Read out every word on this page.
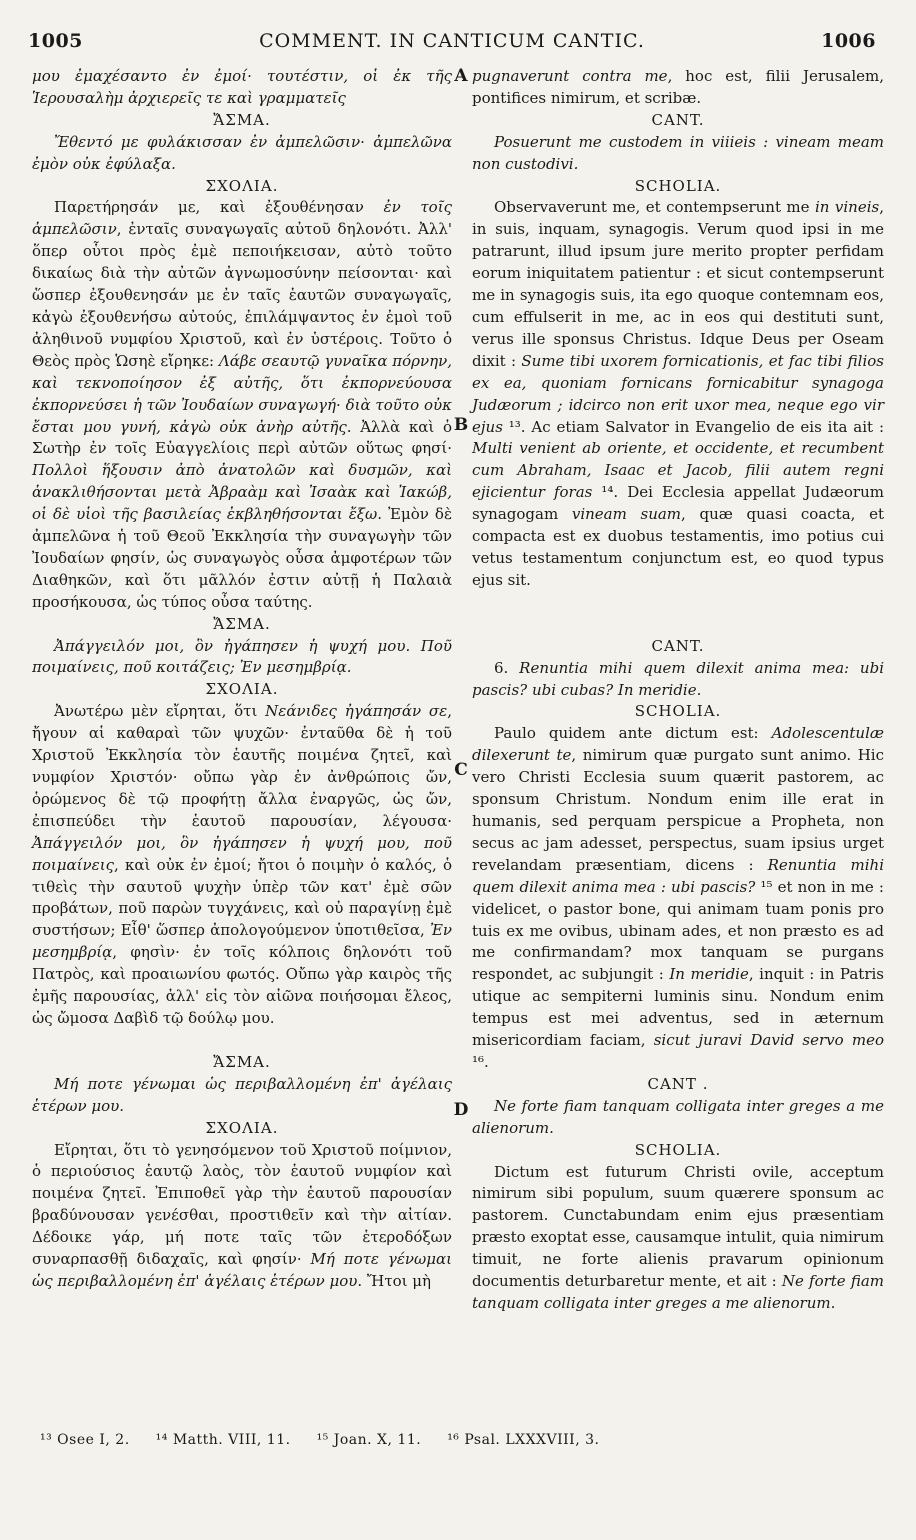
1005	COMMENT. IN CANTICUM CANTIC.	1006
A
B
C
D

μου ἐμαχέσαντο ἐν ἐμοί· τουτέστιν, οἱ ἐκ τῆς Ἱερουσαλὴμ ἀρχιερεῖς τε καὶ γραμματεῖς

ἌΣΜΑ.

Ἔθεντό με φυλάκισσαν ἐν ἀμπελῶσιν· ἀμπελῶνα ἐμὸν οὐκ ἐφύλαξα.

ΣΧΟΛΙΑ.

Παρετήρησάν με, καὶ ἐξουθένησαν ἐν τοῖς ἀμπελῶσιν, ἐνταῖς συναγωγαῖς αὐτοῦ δηλονότι. Ἀλλ' ὅπερ οὗτοι πρὸς ἐμὲ πεποιήκεισαν, αὐτὸ τοῦτο δικαίως διὰ τὴν αὐτῶν ἀγνωμοσύνην πείσονται· καὶ ὥσπερ ἐξουθενησάν με ἐν ταῖς ἑαυτῶν συναγωγαῖς, κἀγὼ ἐξουθενήσω αὐτούς, ἐπιλάμψαντος ἐν ἐμοὶ τοῦ ἀληθινοῦ νυμφίου Χριστοῦ, καὶ ἐν ὑστέροις. Τοῦτο ὁ Θεὸς πρὸς Ὡσηὲ εἴρηκε: Λάβε σεαυτῷ γυναῖκα πόρνην, καὶ τεκνοποίησον ἐξ αὐτῆς, ὅτι ἐκπορνεύουσα ἐκπορνεύσει ἡ τῶν Ἰουδαίων συναγωγή· διὰ τοῦτο οὐκ ἔσται μου γυνή, κἀγὼ οὐκ ἀνὴρ αὐτῆς. Ἀλλὰ καὶ ὁ Σωτὴρ ἐν τοῖς Εὐαγγελίοις περὶ αὐτῶν οὕτως φησί· Πολλοὶ ἥξουσιν ἀπὸ ἀνατολῶν καὶ δυσμῶν, καὶ ἀνακλιθήσονται μετὰ Ἀβραὰμ καὶ Ἰσαὰκ καὶ Ἰακώβ, οἱ δὲ υἱοὶ τῆς βασιλείας ἐκβληθήσονται ἔξω. Ἐμὸν δὲ ἀμπελῶνα ἡ τοῦ Θεοῦ Ἐκκλησία τὴν συναγωγὴν τῶν Ἰουδαίων φησίν, ὡς συναγωγὸς οὖσα ἀμφοτέρων τῶν Διαθηκῶν, καὶ ὅτι μᾶλλόν ἐστιν αὐτῇ ἡ Παλαιὰ προσήκουσα, ὡς τύπος οὖσα ταύτης.

ἌΣΜΑ.

Ἀπάγγειλόν μοι, ὃν ἠγάπησεν ἡ ψυχή μου. Ποῦ ποιμαίνεις, ποῦ κοιτάζεις; Ἐν μεσημβρίᾳ.

ΣΧΟΛΙΑ.

Ἀνωτέρω μὲν εἴρηται, ὅτι Νεάνιδες ἠγάπησάν σε, ἤγουν αἱ καθαραὶ τῶν ψυχῶν· ἐνταῦθα δὲ ἡ τοῦ Χριστοῦ Ἐκκλησία τὸν ἑαυτῆς ποιμένα ζητεῖ, καὶ νυμφίον Χριστόν· οὔπω γὰρ ἐν ἀνθρώποις ὤν, ὁρώμενος δὲ τῷ προφήτῃ ἄλλα ἐναργῶς, ὡς ὤν, ἐπισπεύδει τὴν ἑαυτοῦ παρουσίαν, λέγουσα· Ἀπάγγειλόν μοι, ὃν ἠγάπησεν ἡ ψυχή μου, ποῦ ποιμαίνεις, καὶ οὐκ ἐν ἐμοί; ἤτοι ὁ ποιμὴν ὁ καλός, ὁ τιθεὶς τὴν σαυτοῦ ψυχὴν ὑπὲρ τῶν κατ' ἐμὲ σῶν προβάτων, ποῦ παρὼν τυγχάνεις, καὶ οὐ παραγίνῃ ἐμὲ συστήσων; Εἶθ' ὥσπερ ἀπολογούμενον ὑποτιθεῖσα, Ἐν μεσημβρίᾳ, φησὶν· ἐν τοῖς κόλποις δηλονότι τοῦ Πατρὸς, καὶ προαιωνίου φωτός. Οὔπω γὰρ καιρὸς τῆς ἐμῆς παρουσίας, ἀλλ' εἰς τὸν αἰῶνα ποιήσομαι ἔλεος, ὡς ὤμοσα Δαβὶδ τῷ δούλῳ μου.

ἌΣΜΑ.

Μή ποτε γένωμαι ὡς περιβαλλομένη ἐπ' ἀγέλαις ἑτέρων μου.

ΣΧΟΛΙΑ.

Εἴρηται, ὅτι τὸ γενησόμενον τοῦ Χριστοῦ ποίμνιον, ὁ περιούσιος ἑαυτῷ λαὸς, τὸν ἑαυτοῦ νυμφίον καὶ ποιμένα ζητεῖ. Ἐπιποθεῖ γὰρ τὴν ἑαυτοῦ παρουσίαν βραδύνουσαν γενέσθαι, προστιθεῖν καὶ τὴν αἰτίαν. Δέδοικε γάρ, μή ποτε ταῖς τῶν ἑτεροδόξων συναρπασθῇ διδαχαῖς, καὶ φησίν· Μή ποτε γένωμαι ὡς περιβαλλομένη ἐπ' ἀγέλαις ἑτέρων μου. Ἤτοι μὴ

pugnaverunt contra me, hoc est, filii Jerusalem, pontifices nimirum, et scribæ.

CANT.

Posuerunt me custodem in viiieis : vineam meam non custodivi.

SCHOLIA.

Observaverunt me, et contempserunt me in vineis, in suis, inquam, synagogis. Verum quod ipsi in me patrarunt, illud ipsum jure merito propter perfidam eorum iniquitatem patientur : et sicut contempserunt me in synagogis suis, ita ego quoque contemnam eos, cum effulserit in me, ac in eos qui destituti sunt, verus ille sponsus Christus. Idque Deus per Oseam dixit : Sume tibi uxorem fornicationis, et fac tibi filios ex ea, quoniam fornicans fornicabitur synagoga Judæorum ; idcirco non erit uxor mea, neque ego vir ejus ¹³. Ac etiam Salvator in Evangelio de eis ita ait : Multi venient ab oriente, et occidente, et recumbent cum Abraham, Isaac et Jacob, filii autem regni ejicientur foras ¹⁴. Dei Ecclesia appellat Judæorum synagogam vineam suam, quæ quasi coacta, et compacta est ex duobus testamentis, imo potius cui vetus testamentum conjunctum est, eo quod typus ejus sit.

CANT.

6. Renuntia mihi quem dilexit anima mea: ubi pascis? ubi cubas? In meridie.

SCHOLIA.

Paulo quidem ante dictum est: Adolescentulæ dilexerunt te, nimirum quæ purgato sunt animo. Hic vero Christi Ecclesia suum quærit pastorem, ac sponsum Christum. Nondum enim ille erat in humanis, sed perquam perspicue a Propheta, non secus ac jam adesset, perspectus, suam ipsius urget revelandam præsentiam, dicens : Renuntia mihi quem dilexit anima mea : ubi pascis? ¹⁵ et non in me : videlicet, o pastor bone, qui animam tuam ponis pro tuis ex me ovibus, ubinam ades, et non præsto es ad me confirmandam? mox tanquam se purgans respondet, ac subjungit : In meridie, inquit : in Patris utique ac sempiterni luminis sinu. Nondum enim tempus est mei adventus, sed in æternum misericordiam faciam, sicut juravi David servo meo ¹⁶.

CANT .

Ne forte fiam tanquam colligata inter greges a me alienorum.

SCHOLIA.

Dictum est futurum Christi ovile, acceptum nimirum sibi populum, suum quærere sponsum ac pastorem. Cunctabundam enim ejus præsentiam præsto exoptat esse, causamque intulit, quia nimirum timuit, ne forte alienis pravarum opinionum documentis deturbaretur mente, et ait : Ne forte fiam tanquam colligata inter greges a me alienorum.

¹³ Osee I, 2. ¹⁴ Matth. VIII, 11. ¹⁵ Joan. X, 11. ¹⁶ Psal. LXXXVIII, 3.
